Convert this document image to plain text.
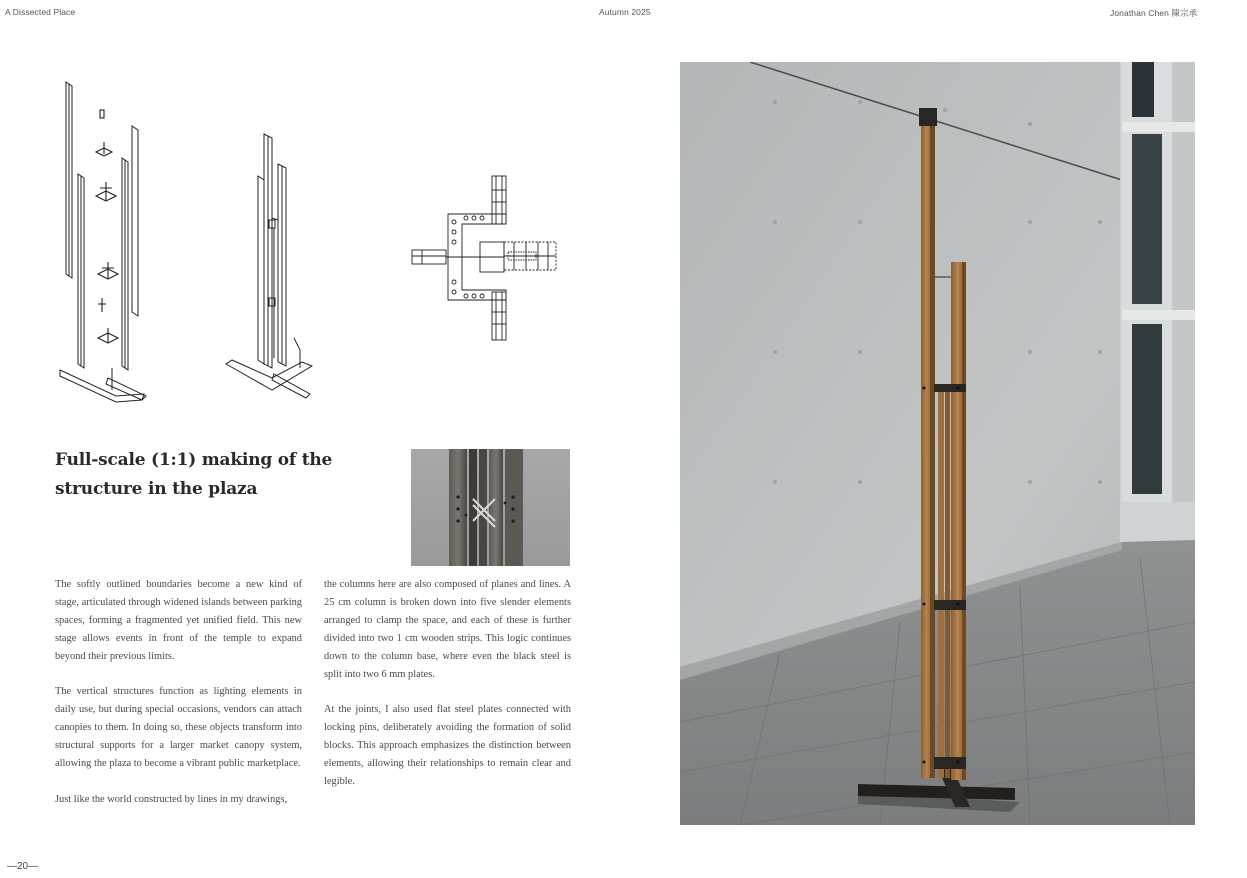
A Dissected Place	Autumn 2025	Jonathan Chen 陳宗承
Full-scale (1:1) making of the
structure in the plaza

The softly outlined boundaries become a new kind of stage, articulated through widened islands between parking spaces, forming a fragmented yet unified field. This new stage allows events in front of the temple to expand beyond their previous limits.

The vertical structures function as lighting elements in daily use, but during special occasions, vendors can attach canopies to them. In doing so, these objects transform into structural supports for a larger market canopy system, allowing the plaza to become a vibrant public marketplace.

Just like the world constructed by lines in my drawings,

the columns here are also composed of planes and lines. A 25 cm column is broken down into five slender elements arranged to clamp the space, and each of these is further divided into two 1 cm wooden strips. This logic continues down to the column base, where even the black steel is split into two 6 mm plates.

At the joints, I also used flat steel plates connected with locking pins, deliberately avoiding the formation of solid blocks. This approach emphasizes the distinction between elements, allowing their relationships to remain clear and legible.

—20—
